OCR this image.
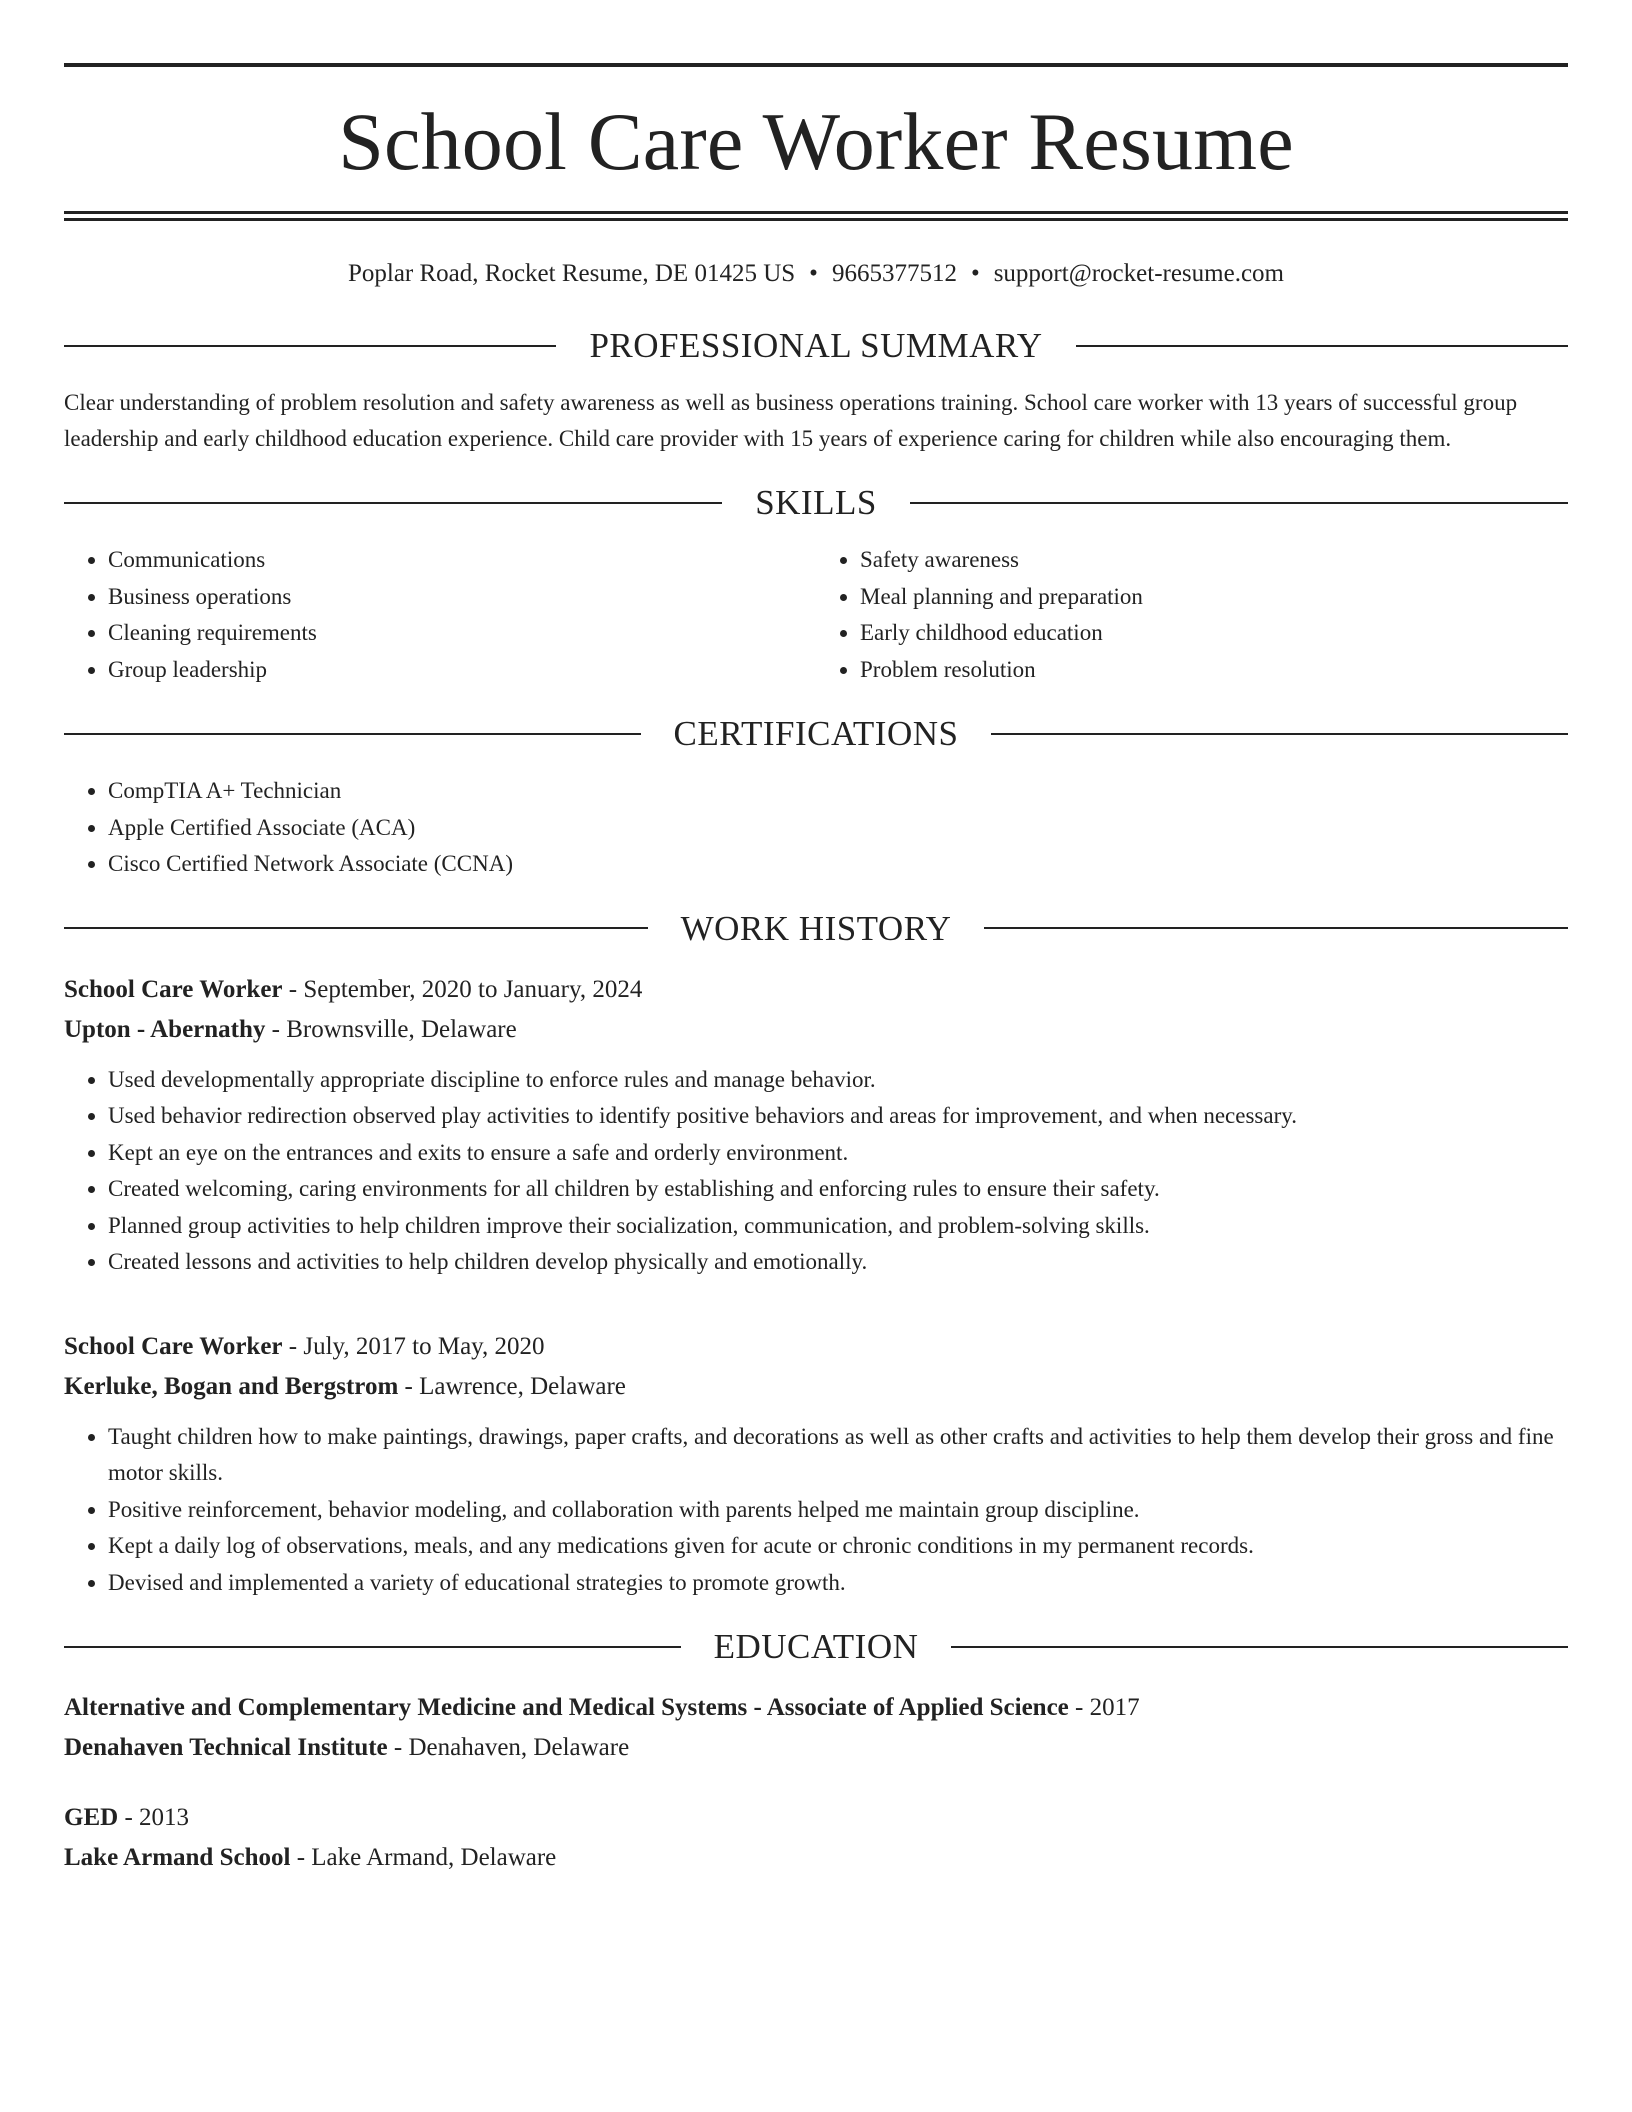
School Care Worker Resume
Poplar Road, Rocket Resume, DE 01425 US • 9665377512 • support@rocket-resume.com
PROFESSIONAL SUMMARY

Clear understanding of problem resolution and safety awareness as well as business operations training. School care worker with 13 years of successful group leadership and early childhood education experience. Child care provider with 15 years of experience caring for children while also encouraging them.

SKILLS
• Communications
• Business operations
• Cleaning requirements
• Group leadership
• Safety awareness
• Meal planning and preparation
• Early childhood education
• Problem resolution
CERTIFICATIONS
• CompTIA A+ Technician
• Apple Certified Associate (ACA)
• Cisco Certified Network Associate (CCNA)
WORK HISTORY
School Care Worker - September, 2020 to January, 2024
Upton - Abernathy - Brownsville, Delaware
• Used developmentally appropriate discipline to enforce rules and manage behavior.
• Used behavior redirection observed play activities to identify positive behaviors and areas for improvement, and when necessary.
• Kept an eye on the entrances and exits to ensure a safe and orderly environment.
• Created welcoming, caring environments for all children by establishing and enforcing rules to ensure their safety.
• Planned group activities to help children improve their socialization, communication, and problem-solving skills.
• Created lessons and activities to help children develop physically and emotionally.
School Care Worker - July, 2017 to May, 2020
Kerluke, Bogan and Bergstrom - Lawrence, Delaware
• Taught children how to make paintings, drawings, paper crafts, and decorations as well as other crafts and activities to help them develop their gross and fine motor skills.
• Positive reinforcement, behavior modeling, and collaboration with parents helped me maintain group discipline.
• Kept a daily log of observations, meals, and any medications given for acute or chronic conditions in my permanent records.
• Devised and implemented a variety of educational strategies to promote growth.
EDUCATION
Alternative and Complementary Medicine and Medical Systems - Associate of Applied Science - 2017
Denahaven Technical Institute - Denahaven, Delaware
GED - 2013
Lake Armand School - Lake Armand, Delaware
